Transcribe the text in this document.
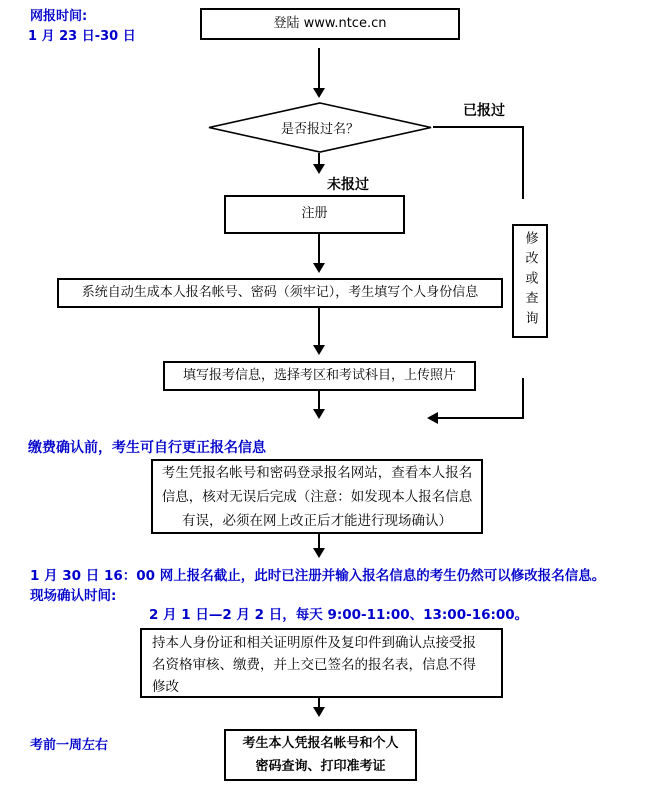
网报时间:
1 月 23 日-30 日
登陆 www.ntce.cn
是否报过名？
已报过
未报过
注册
修改或查询
系统自动生成本人报名帐号、密码（须牢记），考生填写个人身份信息
填写报考信息，选择考区和考试科目，上传照片
缴费确认前，考生可自行更正报名信息
考生凭报名帐号和密码登录报名网站，查看本人报名
信息，核对无误后完成（注意：如发现本人报名信息
有误，必须在网上改正后才能进行现场确认）
1 月 30 日 16：00 网上报名截止，此时已注册并输入报名信息的考生仍然可以修改报名信息。
现场确认时间:
2 月 1 日—2 月 2 日，每天 9:00-11:00、13:00-16:00。
持本人身份证和相关证明原件及复印件到确认点接受报
名资格审核、缴费，并上交已签名的报名表，信息不得
修改
考前一周左右	考生本人凭报名帐号和个人
密码查询、打印准考证
